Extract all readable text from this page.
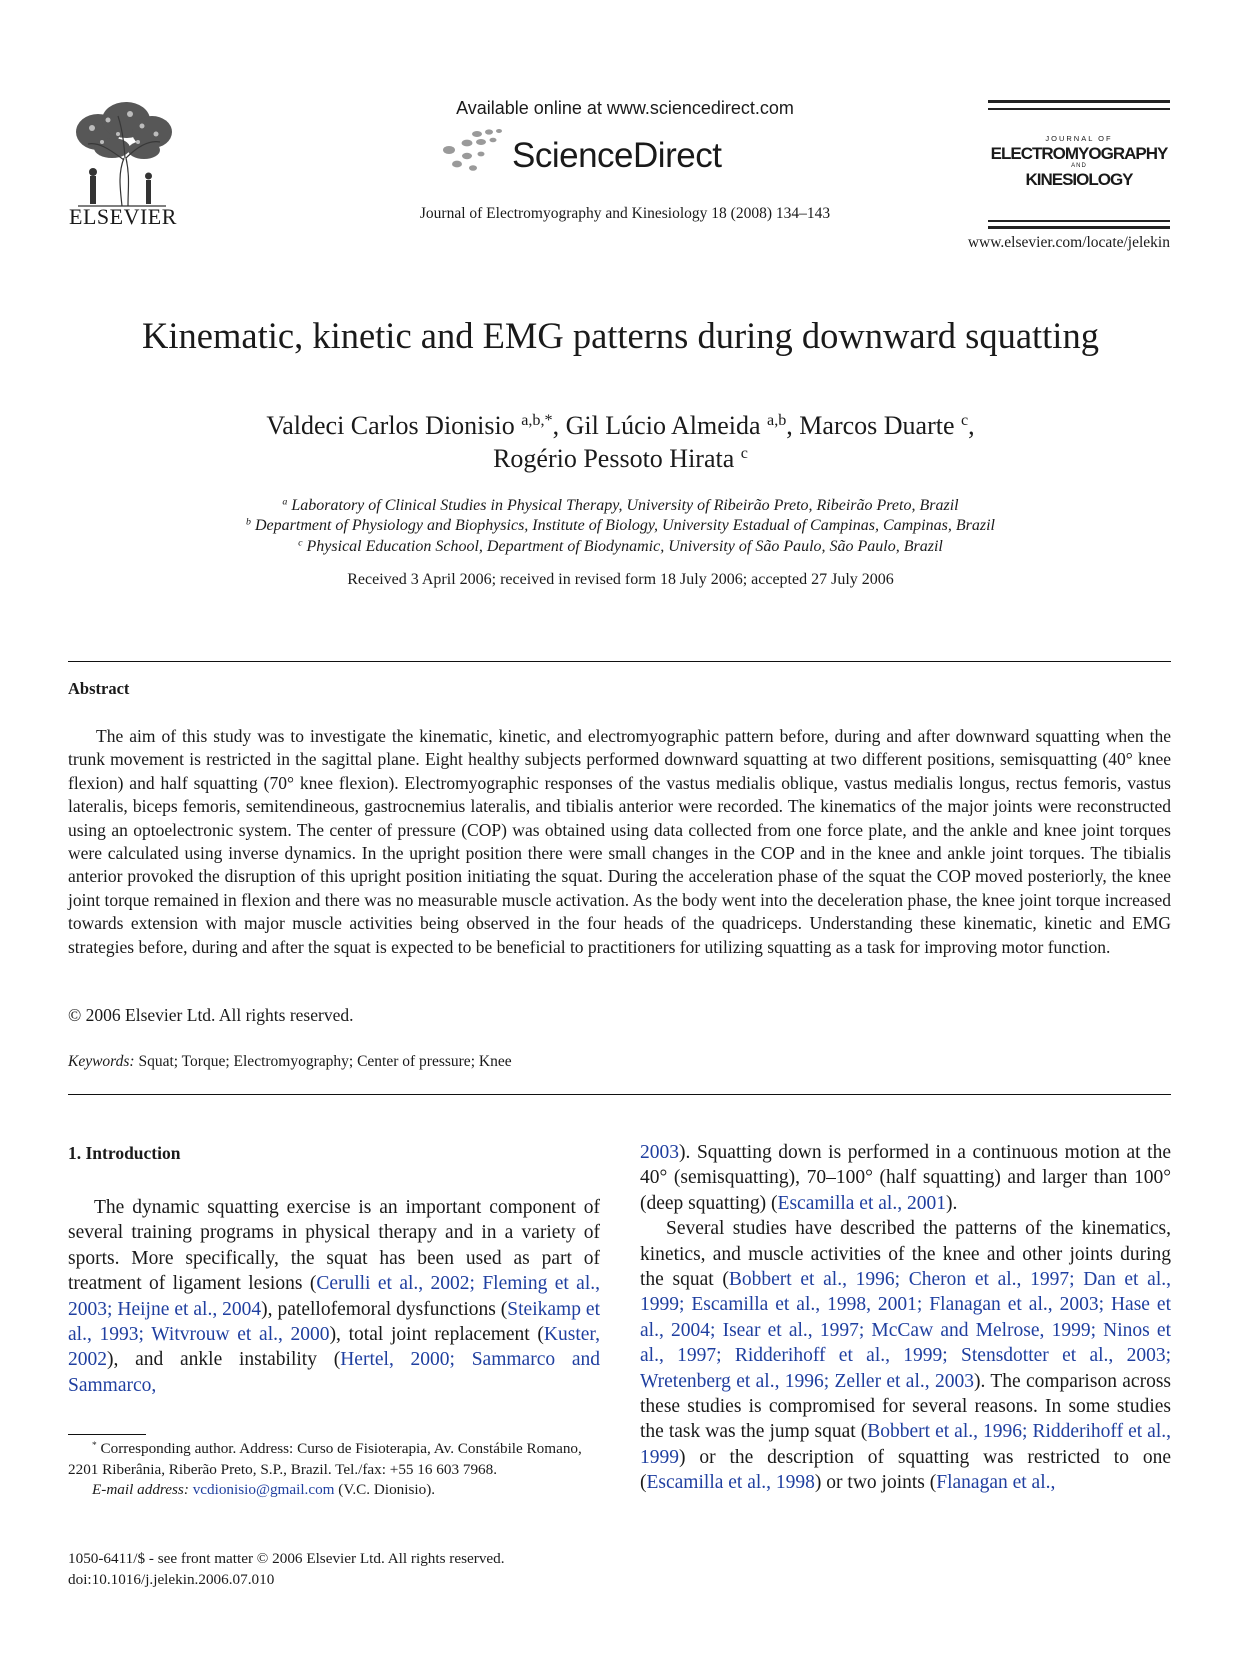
ELSEVIER
Available online at www.sciencedirect.com
ScienceDirect
Journal of Electromyography and Kinesiology 18 (2008) 134–143
JOURNAL OF
ELECTROMYOGRAPHY
AND
KINESIOLOGY
www.elsevier.com/locate/jelekin
Kinematic, kinetic and EMG patterns during downward squatting
Valdeci Carlos Dionisio $^{a,b,*}$, Gil Lúcio Almeida $^{a,b}$, Marcos Duarte $^c$,
Rogério Pessoto Hirata $^c$
$^a$ Laboratory of Clinical Studies in Physical Therapy, University of Ribeirão Preto, Ribeirão Preto, Brazil
$^b$ Department of Physiology and Biophysics, Institute of Biology, University Estadual of Campinas, Campinas, Brazil
$^c$ Physical Education School, Department of Biodynamic, University of São Paulo, São Paulo, Brazil
Received 3 April 2006; received in revised form 18 July 2006; accepted 27 July 2006
Abstract
The aim of this study was to investigate the kinematic, kinetic, and electromyographic pattern before, during and after downward squatting when the trunk movement is restricted in the sagittal plane. Eight healthy subjects performed downward squatting at two different positions, semisquatting (40° knee flexion) and half squatting (70° knee flexion). Electromyographic responses of the vastus medialis oblique, vastus medialis longus, rectus femoris, vastus lateralis, biceps femoris, semitendineous, gastrocnemius lateralis, and tibialis anterior were recorded. The kinematics of the major joints were reconstructed using an optoelectronic system. The center of pressure (COP) was obtained using data collected from one force plate, and the ankle and knee joint torques were calculated using inverse dynamics. In the upright position there were small changes in the COP and in the knee and ankle joint torques. The tibialis anterior provoked the disruption of this upright position initiating the squat. During the acceleration phase of the squat the COP moved posteriorly, the knee joint torque remained in flexion and there was no measurable muscle activation. As the body went into the deceleration phase, the knee joint torque increased towards extension with major muscle activities being observed in the four heads of the quadriceps. Understanding these kinematic, kinetic and EMG strategies before, during and after the squat is expected to be beneficial to practitioners for utilizing squatting as a task for improving motor function.
© 2006 Elsevier Ltd. All rights reserved.
Keywords: Squat; Torque; Electromyography; Center of pressure; Knee
1. Introduction

The dynamic squatting exercise is an important component of several training programs in physical therapy and in a variety of sports. More specifically, the squat has been used as part of treatment of ligament lesions (Cerulli et al., 2002; Fleming et al., 2003; Heijne et al., 2004), patellofemoral dysfunctions (Steikamp et al., 1993; Witvrouw et al., 2000), total joint replacement (Kuster, 2002), and ankle instability (Hertel, 2000; Sammarco and Sammarco,

2003). Squatting down is performed in a continuous motion at the 40° (semisquatting), 70–100° (half squatting) and larger than 100° (deep squatting) (Escamilla et al., 2001).

Several studies have described the patterns of the kinematics, kinetics, and muscle activities of the knee and other joints during the squat (Bobbert et al., 1996; Cheron et al., 1997; Dan et al., 1999; Escamilla et al., 1998, 2001; Flanagan et al., 2003; Hase et al., 2004; Isear et al., 1997; McCaw and Melrose, 1999; Ninos et al., 1997; Ridderihoff et al., 1999; Stensdotter et al., 2003; Wretenberg et al., 1996; Zeller et al., 2003). The comparison across these studies is compromised for several reasons. In some studies the task was the jump squat (Bobbert et al., 1996; Ridderihoff et al., 1999) or the description of squatting was restricted to one (Escamilla et al., 1998) or two joints (Flanagan et al.,

* Corresponding author. Address: Curso de Fisioterapia, Av. Constábile Romano, 2201 Riberânia, Riberão Preto, S.P., Brazil. Tel./fax: +55 16 603 7968.

E-mail address: vcdionisio@gmail.com (V.C. Dionisio).

1050-6411/$ - see front matter © 2006 Elsevier Ltd. All rights reserved.
doi:10.1016/j.jelekin.2006.07.010
